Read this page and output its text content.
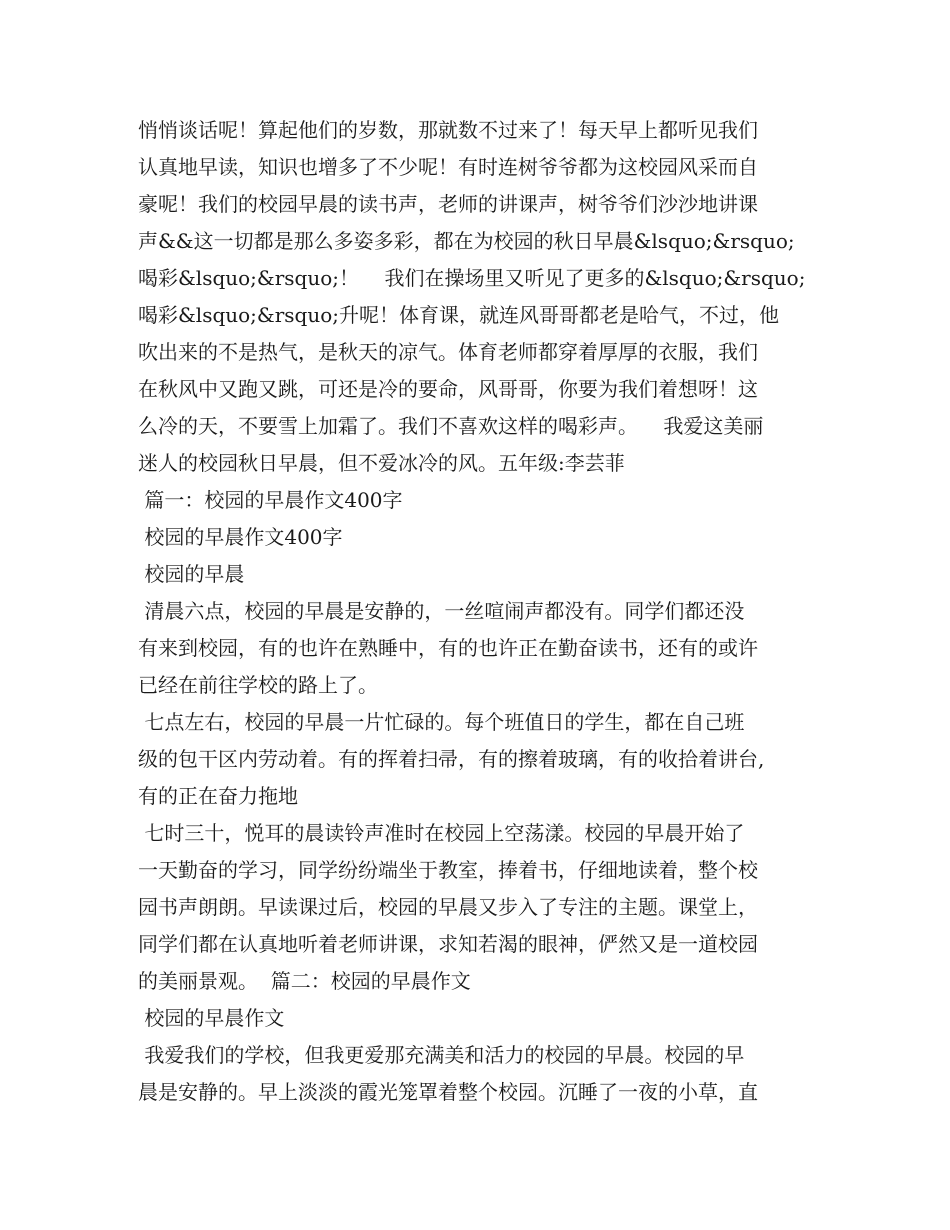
悄悄谈话呢！算起他们的岁数，那就数不过来了！每天早上都听见我们
认真地早读，知识也增多了不少呢！有时连树爷爷都为这校园风采而自
豪呢！我们的校园早晨的读书声，老师的讲课声，树爷爷们沙沙地讲课
声&&这一切都是那么多姿多彩，都在为校园的秋日早晨&lsquo;&rsquo;
喝彩&lsquo;&rsquo;！    我们在操场里又听见了更多的&lsquo;&rsquo;
喝彩&lsquo;&rsquo;升呢！体育课，就连风哥哥都老是哈气，不过，他
吹出来的不是热气，是秋天的凉气。体育老师都穿着厚厚的衣服，我们
在秋风中又跑又跳，可还是冷的要命，风哥哥，你要为我们着想呀！这
么冷的天，不要雪上加霜了。我们不喜欢这样的喝彩声。    我爱这美丽
迷人的校园秋日早晨，但不爱冰冷的风。五年级:李芸菲
篇一：校园的早晨作文400字
校园的早晨作文400字
校园的早晨
清晨六点，校园的早晨是安静的，一丝喧闹声都没有。同学们都还没
有来到校园，有的也许在熟睡中，有的也许正在勤奋读书，还有的或许
已经在前往学校的路上了。
七点左右，校园的早晨一片忙碌的。每个班值日的学生，都在自己班
级的包干区内劳动着。有的挥着扫帚，有的擦着玻璃，有的收拾着讲台,
有的正在奋力拖地
七时三十，悦耳的晨读铃声准时在校园上空荡漾。校园的早晨开始了
一天勤奋的学习，同学纷纷端坐于教室，捧着书，仔细地读着，整个校
园书声朗朗。早读课过后，校园的早晨又步入了专注的主题。课堂上，
同学们都在认真地听着老师讲课，求知若渴的眼神，俨然又是一道校园
的美丽景观。  篇二：校园的早晨作文
校园的早晨作文
我爱我们的学校，但我更爱那充满美和活力的校园的早晨。校园的早
晨是安静的。早上淡淡的霞光笼罩着整个校园。沉睡了一夜的小草，直
